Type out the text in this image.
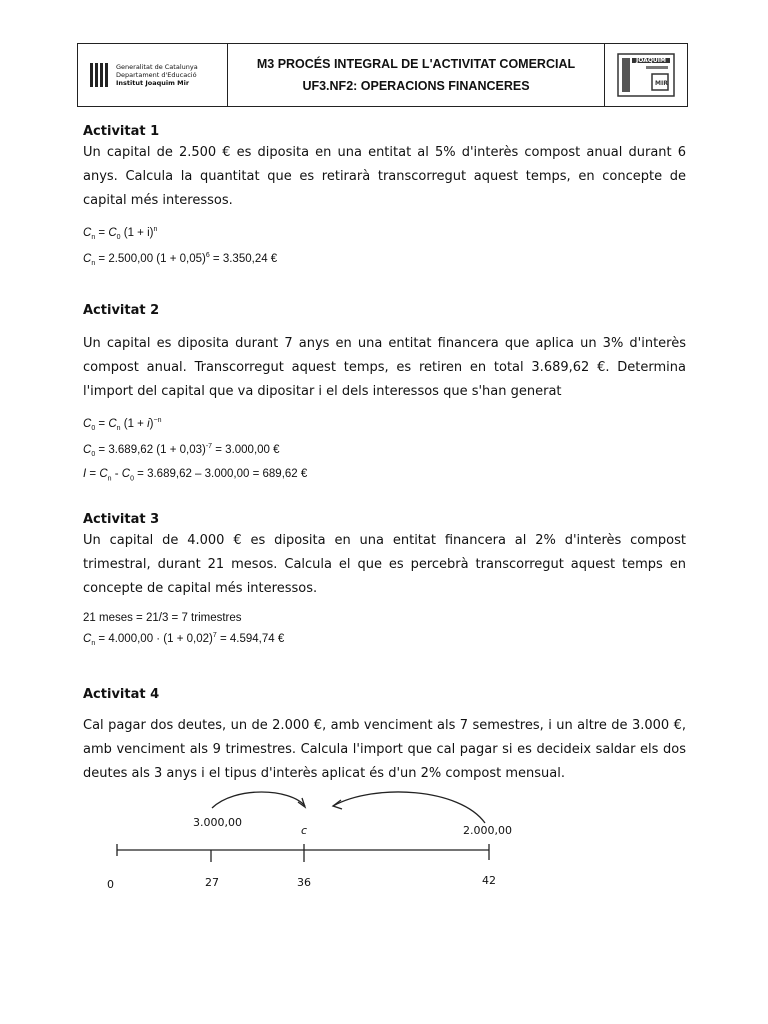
Generalitat de Catalunya
Departament d'Educació
Institut Joaquim Mir
M3 PROCÉS INTEGRAL DE L'ACTIVITAT COMERCIAL
UF3.NF2: OPERACIONS FINANCERES
JOAQUIM
MIR

Activitat 1

Un capital de 2.500 € es diposita en una entitat al 5% d'interès compost anual durant 6 anys. Calcula la quantitat que es retirarà transcorregut aquest temps, en concepte de capital més interessos.

$C_n = C_0$ $(1 + i)^n$

$C_n = 2.500,00$ $(1 + 0,05)^6 = 3.350,24$ €

Activitat 2

Un capital es diposita durant 7 anys en una entitat financera que aplica un 3% d'interès compost anual. Transcorregut aquest temps, es retiren en total 3.689,62 €. Determina l'import del capital que va dipositar i el dels interessos que s'han generat

$C_0 = C_n$ $(1 + i)^{-n}$

$C_0 = 3.689,62$ $(1 + 0,03)^{-7} = 3.000,00$ €

$I = C_n - C_0 = 3.689,62 - 3.000,00 = 689,62$ €

Activitat 3

Un capital de 4.000 € es diposita en una entitat financera al 2% d'interès compost trimestral, durant 21 mesos. Calcula el que es percebrà transcorregut aquest temps en concepte de capital més interessos.

21 meses = 21/3 = 7 trimestres

$C_n = 4.000,00 \cdot (1 + 0,02)^7 = 4.594,74$ €

Activitat 4

Cal pagar dos deutes, un de 2.000 €, amb venciment als 7 semestres, i un altre de 3.000 €, amb venciment als 9 trimestres. Calcula l'import que cal pagar si es decideix saldar els dos deutes als 3 anys i el tipus d'interès aplicat és d'un 2% compost mensual.

3.000,00
c	2.000,00
0	27	36	42
